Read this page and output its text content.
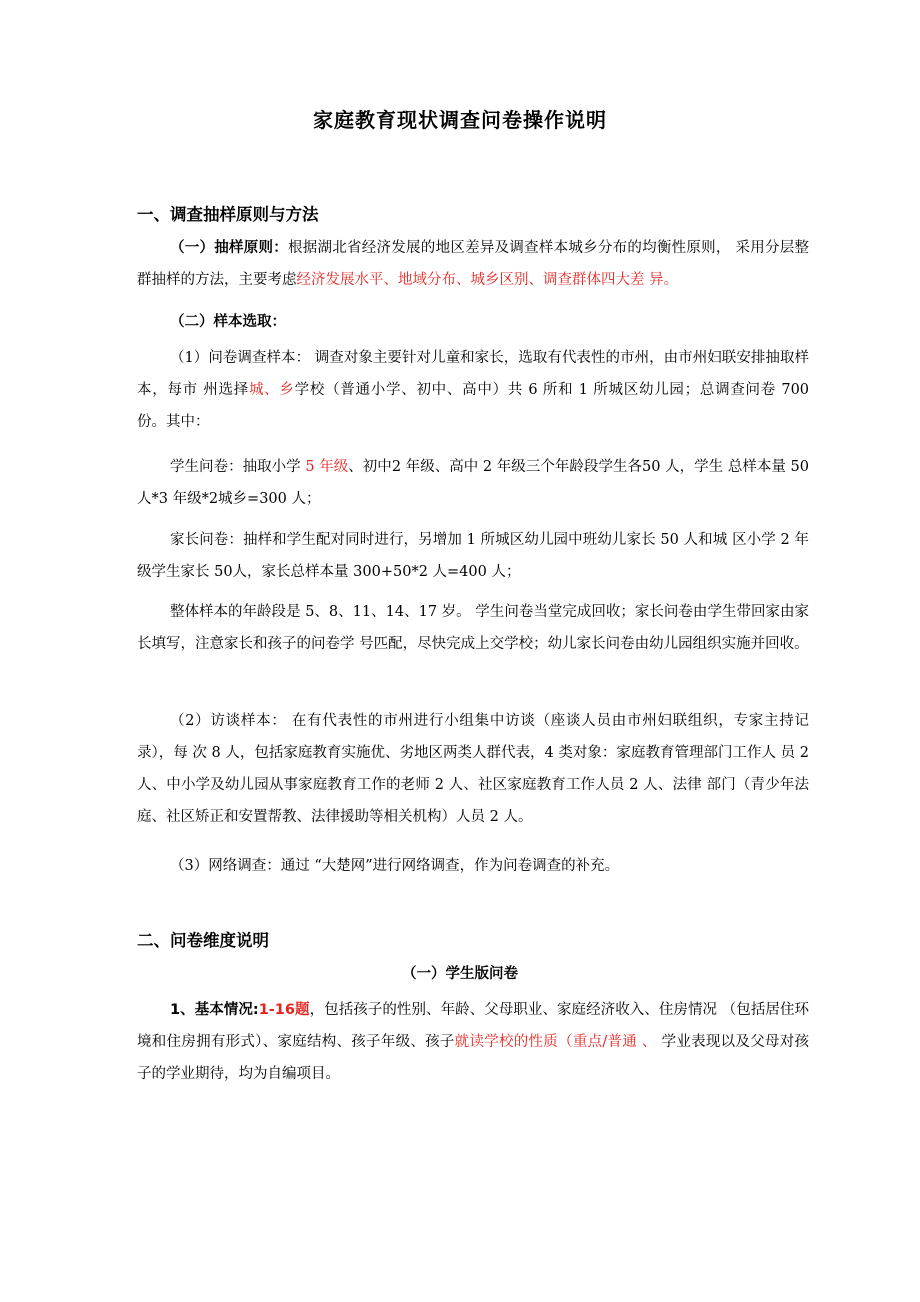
家庭教育现状调查问卷操作说明
一、调查抽样原则与方法
（一）抽样原则：根据湖北省经济发展的地区差异及调查样本城乡分布的均衡性原则， 采用分层整群抽样的方法，主要考虑经济发展水平、地域分布、城乡区别、调查群体四大差 异。
（二）样本选取：
（1）问卷调查样本： 调查对象主要针对儿童和家长，选取有代表性的市州，由市州妇联安排抽取样本，每市 州选择城、乡学校（普通小学、初中、高中）共 6 所和 1 所城区幼儿园；总调查问卷 700 份。其中：
学生问卷：抽取小学 5 年级、初中2 年级、高中 2 年级三个年龄段学生各50 人，学生 总样本量 50 人*3 年级*2城乡=300 人；
家长问卷：抽样和学生配对同时进行，另增加 1 所城区幼儿园中班幼儿家长 50 人和城 区小学 2 年级学生家长 50人，家长总样本量 300+50*2 人=400 人；
整体样本的年龄段是 5、8、11、14、17 岁。 学生问卷当堂完成回收；家长问卷由学生带回家由家长填写，注意家长和孩子的问卷学 号匹配，尽快完成上交学校；幼儿家长问卷由幼儿园组织实施并回收。
（2）访谈样本： 在有代表性的市州进行小组集中访谈（座谈人员由市州妇联组织，专家主持记录），每 次 8 人，包括家庭教育实施优、劣地区两类人群代表，4 类对象：家庭教育管理部门工作人 员 2 人、中小学及幼儿园从事家庭教育工作的老师 2 人、社区家庭教育工作人员 2 人、法律 部门（青少年法庭、社区矫正和安置帮教、法律援助等相关机构）人员 2 人。
（3）网络调查：通过 “大楚网”进行网络调查，作为问卷调查的补充。
二、问卷维度说明
（一）学生版问卷
1、基本情况:1-16题，包括孩子的性别、年龄、父母职业、家庭经济收入、住房情况 （包括居住环境和住房拥有形式）、家庭结构、孩子年级、孩子就读学校的性质（重点/普通 、 学业表现以及父母对孩子的学业期待，均为自编项目。
